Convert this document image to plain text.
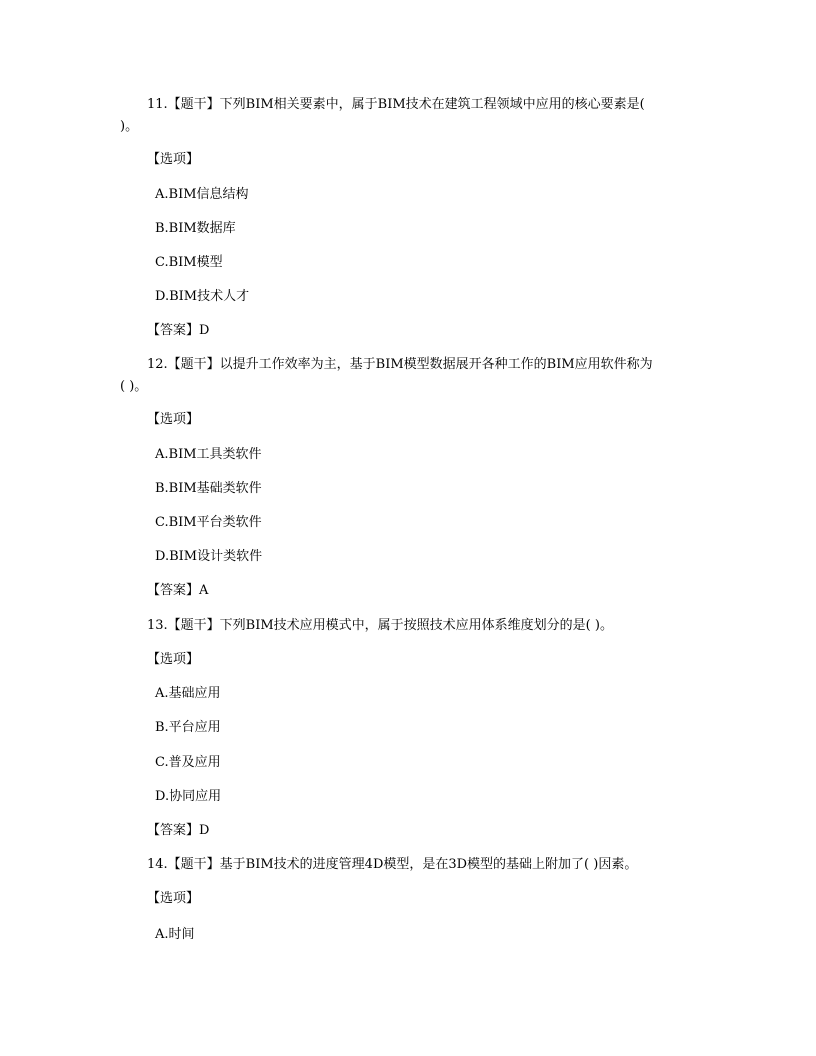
11.【题干】下列BIM相关要素中，属于BIM技术在建筑工程领域中应用的核心要素是(

)。

【选项】

A.BIM信息结构

B.BIM数据库

C.BIM模型

D.BIM技术人才

【答案】D

12.【题干】以提升工作效率为主，基于BIM模型数据展开各种工作的BIM应用软件称为

( )。

【选项】

A.BIM工具类软件

B.BIM基础类软件

C.BIM平台类软件

D.BIM设计类软件

【答案】A

13.【题干】下列BIM技术应用模式中，属于按照技术应用体系维度划分的是( )。

【选项】

A.基础应用

B.平台应用

C.普及应用

D.协同应用

【答案】D

14.【题干】基于BIM技术的进度管理4D模型，是在3D模型的基础上附加了( )因素。

【选项】

A.时间
